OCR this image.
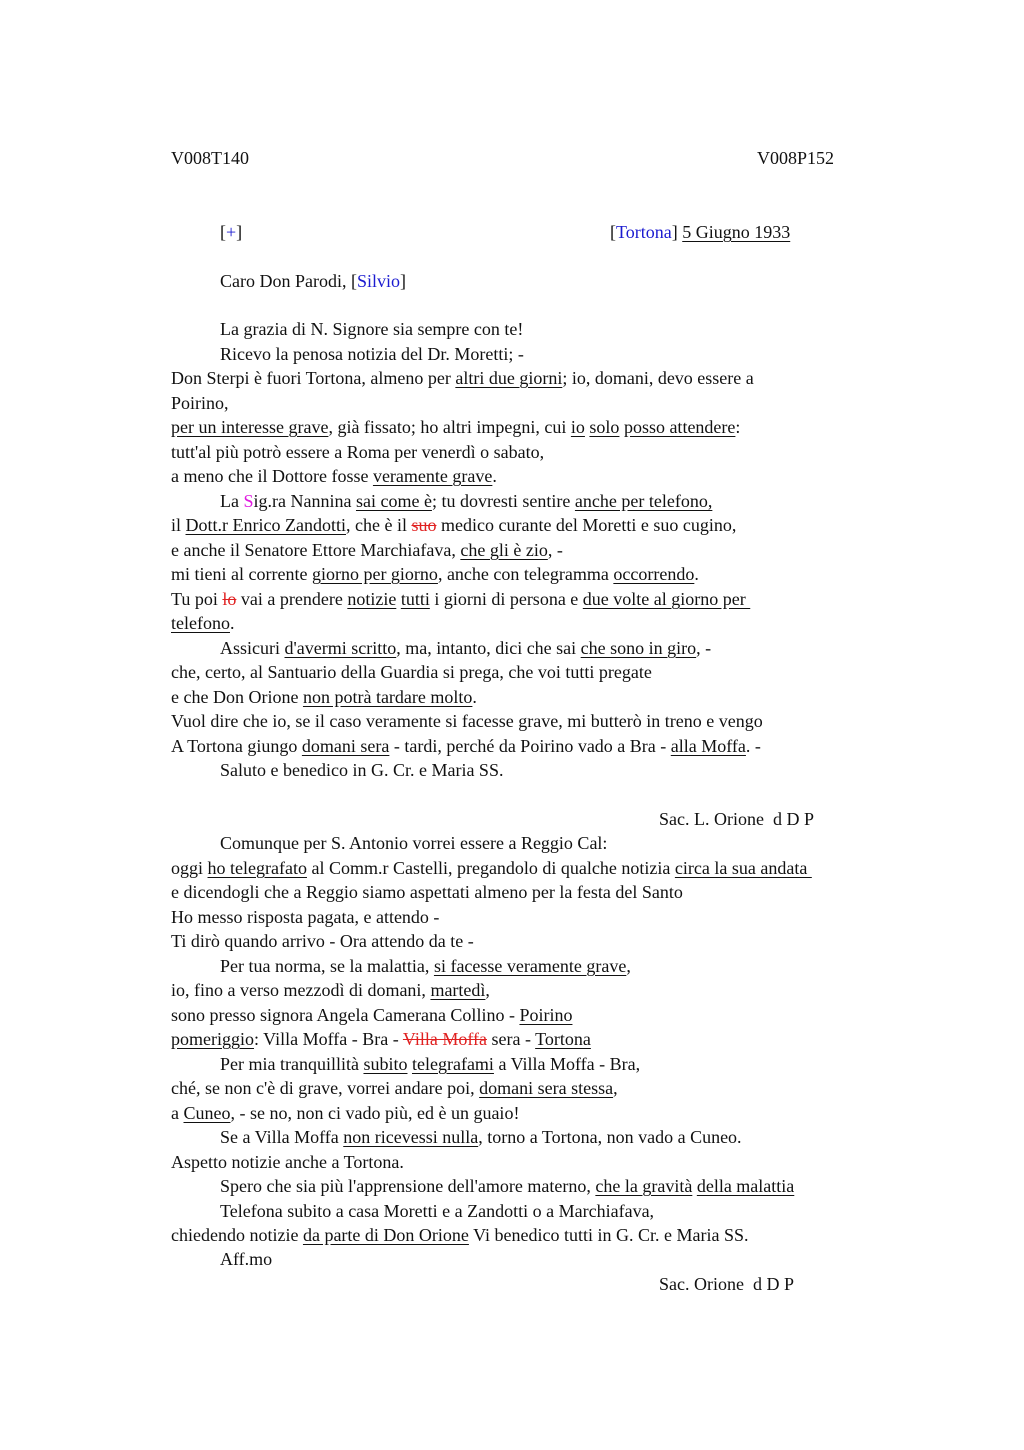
V008T140	V008P152
[+]	[Tortona] 5 Giugno 1933
Caro Don Parodi, [Silvio]
La grazia di N. Signore sia sempre con te!
Ricevo la penosa notizia del Dr. Moretti; -
Don Sterpi è fuori Tortona, almeno per altri due giorni; io, domani, devo essere a
Poirino,
per un interesse grave, già fissato; ho altri impegni, cui io solo posso attendere:
tutt'al più potrò essere a Roma per venerdì o sabato,
a meno che il Dottore fosse veramente grave.
La Sig.ra Nannina sai come è; tu dovresti sentire anche per telefono,
il Dott.r Enrico Zandotti, che è il suo medico curante del Moretti e suo cugino,
e anche il Senatore Ettore Marchiafava, che gli è zio, -
mi tieni al corrente giorno per giorno, anche con telegramma occorrendo.
Tu poi lo vai a prendere notizie tutti i giorni di persona e due volte al giorno per
telefono.
Assicuri d'avermi scritto, ma, intanto, dici che sai che sono in giro, -
che, certo, al Santuario della Guardia si prega, che voi tutti pregate
e che Don Orione non potrà tardare molto.
Vuol dire che io, se il caso veramente si facesse grave, mi butterò in treno e vengo
A Tortona giungo domani sera - tardi, perché da Poirino vado a Bra - alla Moffa. -
Saluto e benedico in G. Cr. e Maria SS.
Sac. L. Orione  d D P
Comunque per S. Antonio vorrei essere a Reggio Cal:
oggi ho telegrafato al Comm.r Castelli, pregandolo di qualche notizia circa la sua andata
e dicendogli che a Reggio siamo aspettati almeno per la festa del Santo
Ho messo risposta pagata, e attendo -
Ti dirò quando arrivo - Ora attendo da te -
Per tua norma, se la malattia, si facesse veramente grave,
io, fino a verso mezzodì di domani, martedì,
sono presso signora Angela Camerana Collino - Poirino
pomeriggio: Villa Moffa - Bra - Villa Moffa sera - Tortona
Per mia tranquillità subito telegrafami a Villa Moffa - Bra,
ché, se non c'è di grave, vorrei andare poi, domani sera stessa,
a Cuneo, - se no, non ci vado più, ed è un guaio!
Se a Villa Moffa non ricevessi nulla, torno a Tortona, non vado a Cuneo.
Aspetto notizie anche a Tortona.
Spero che sia più l'apprensione dell'amore materno, che la gravità della malattia
Telefona subito a casa Moretti e a Zandotti o a Marchiafava,
chiedendo notizie da parte di Don Orione Vi benedico tutti in G. Cr. e Maria SS.
Aff.mo
Sac. Orione  d D P
